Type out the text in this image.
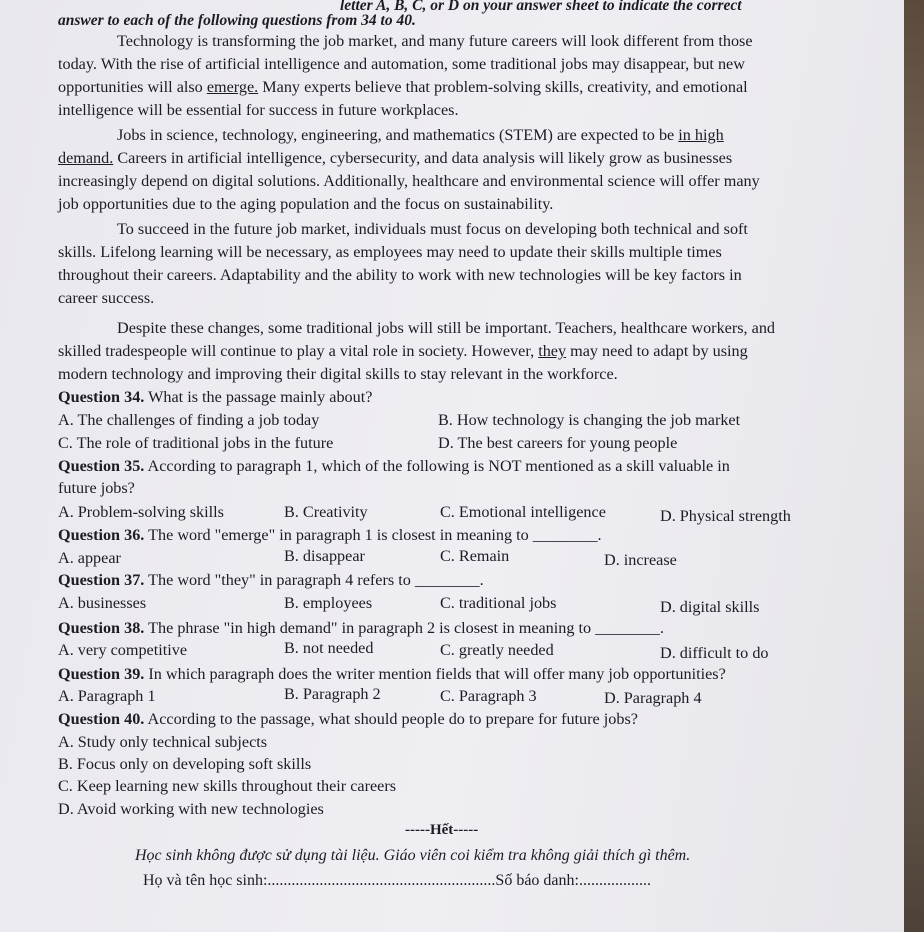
letter A, B, C, or D on your answer sheet to indicate the correct
answer to each of the following questions from 34 to 40.
Technology is transforming the job market, and many future careers will look different from those
today. With the rise of artificial intelligence and automation, some traditional jobs may disappear, but new
opportunities will also emerge. Many experts believe that problem-solving skills, creativity, and emotional
intelligence will be essential for success in future workplaces.
Jobs in science, technology, engineering, and mathematics (STEM) are expected to be in high
demand. Careers in artificial intelligence, cybersecurity, and data analysis will likely grow as businesses
increasingly depend on digital solutions. Additionally, healthcare and environmental science will offer many
job opportunities due to the aging population and the focus on sustainability.
To succeed in the future job market, individuals must focus on developing both technical and soft
skills. Lifelong learning will be necessary, as employees may need to update their skills multiple times
throughout their careers. Adaptability and the ability to work with new technologies will be key factors in
career success.
Despite these changes, some traditional jobs will still be important. Teachers, healthcare workers, and
skilled tradespeople will continue to play a vital role in society. However, they may need to adapt by using
modern technology and improving their digital skills to stay relevant in the workforce.
Question 34. What is the passage mainly about?
A. The challenges of finding a job today	B. How technology is changing the job market
C. The role of traditional jobs in the future	D. The best careers for young people
Question 35. According to paragraph 1, which of the following is NOT mentioned as a skill valuable in
future jobs?
A. Problem-solving skills	B. Creativity	C. Emotional intelligence	D. Physical strength
Question 36. The word "emerge" in paragraph 1 is closest in meaning to ________.
A. appear	B. disappear	C. Remain	D. increase
Question 37. The word "they" in paragraph 4 refers to ________.
A. businesses	B. employees	C. traditional jobs	D. digital skills
Question 38. The phrase "in high demand" in paragraph 2 is closest in meaning to ________.
A. very competitive	B. not needed	C. greatly needed	D. difficult to do
Question 39. In which paragraph does the writer mention fields that will offer many job opportunities?
A. Paragraph 1	B. Paragraph 2	C. Paragraph 3	D. Paragraph 4
Question 40. According to the passage, what should people do to prepare for future jobs?
A. Study only technical subjects
B. Focus only on developing soft skills
C. Keep learning new skills throughout their careers
D. Avoid working with new technologies
-----Hết-----
Học sinh không được sử dụng tài liệu. Giáo viên coi kiểm tra không giải thích gì thêm.
Họ và tên học sinh:.........................................................Số báo danh:..................
